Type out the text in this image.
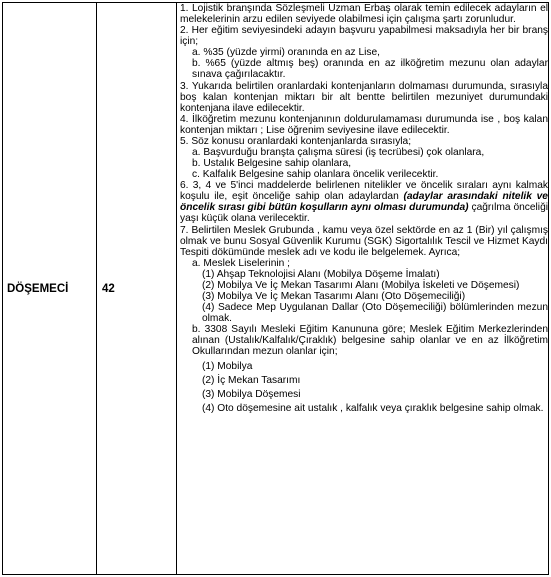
DÖŞEMECİ	42
1. Lojistik branşında Sözleşmeli Uzman Erbaş olarak temin edilecek adayların el melekelerinin arzu edilen seviyede olabilmesi için çalışma şartı zorunludur.
2. Her eğitim seviyesindeki adayın başvuru yapabilmesi maksadıyla her bir branş için;
a. %35 (yüzde yirmi) oranında en az Lise,
b. %65 (yüzde altmış beş) oranında en az ilköğretim mezunu olan adaylar sınava çağırılacaktır.
3. Yukarıda belirtilen oranlardaki kontenjanların dolmaması durumunda, sırasıyla boş kalan kontenjan miktarı bir alt bentte belirtilen mezuniyet durumundaki kontenjana ilave edilecektir.
4. İlköğretim mezunu kontenjanının doldurulamaması durumunda ise , boş kalan kontenjan miktarı ; Lise öğrenim seviyesine ilave edilecektir.
5. Söz konusu oranlardaki kontenjanlarda sırasıyla;
a. Başvurduğu branşta çalışma süresi (iş tecrübesi) çok olanlara,
b. Ustalık Belgesine sahip olanlara,
c. Kalfalık Belgesine sahip olanlara öncelik verilecektir.
6. 3, 4 ve 5'inci maddelerde belirlenen nitelikler ve öncelik sıraları aynı kalmak koşulu ile, eşit önceliğe sahip olan adaylardan (adaylar arasındaki nitelik ve öncelik sırası gibi bütün koşulların aynı olması durumunda) çağrılma önceliği yaşı küçük olana verilecektir.
7. Belirtilen Meslek Grubunda , kamu veya özel sektörde en az 1 (Bir) yıl çalışmış olmak ve bunu Sosyal Güvenlik Kurumu (SGK) Sigortalılık Tescil ve Hizmet Kaydı Tespiti dökümünde meslek adı ve kodu ile belgelemek. Ayrıca;
a. Meslek Liselerinin ;
(1) Ahşap Teknolojisi Alanı (Mobilya Döşeme İmalatı)
(2) Mobilya Ve İç Mekan Tasarımı Alanı (Mobilya İskeleti ve Döşemesi)
(3) Mobilya Ve İç Mekan Tasarımı Alanı (Oto Döşemeciliği)
(4) Sadece Mep Uygulanan Dallar (Oto Döşemeciliği) bölümlerinden mezun olmak.
b. 3308 Sayılı Mesleki Eğitim Kanununa göre; Meslek Eğitim Merkezlerinden alınan (Ustalık/Kalfalık/Çıraklık) belgesine sahip olanlar ve en az İlköğretim Okullarından mezun olanlar için;
(1) Mobilya
(2) İç Mekan Tasarımı
(3) Mobilya Döşemesi
(4) Oto döşemesine ait ustalık , kalfalık veya çıraklık belgesine sahip olmak.
